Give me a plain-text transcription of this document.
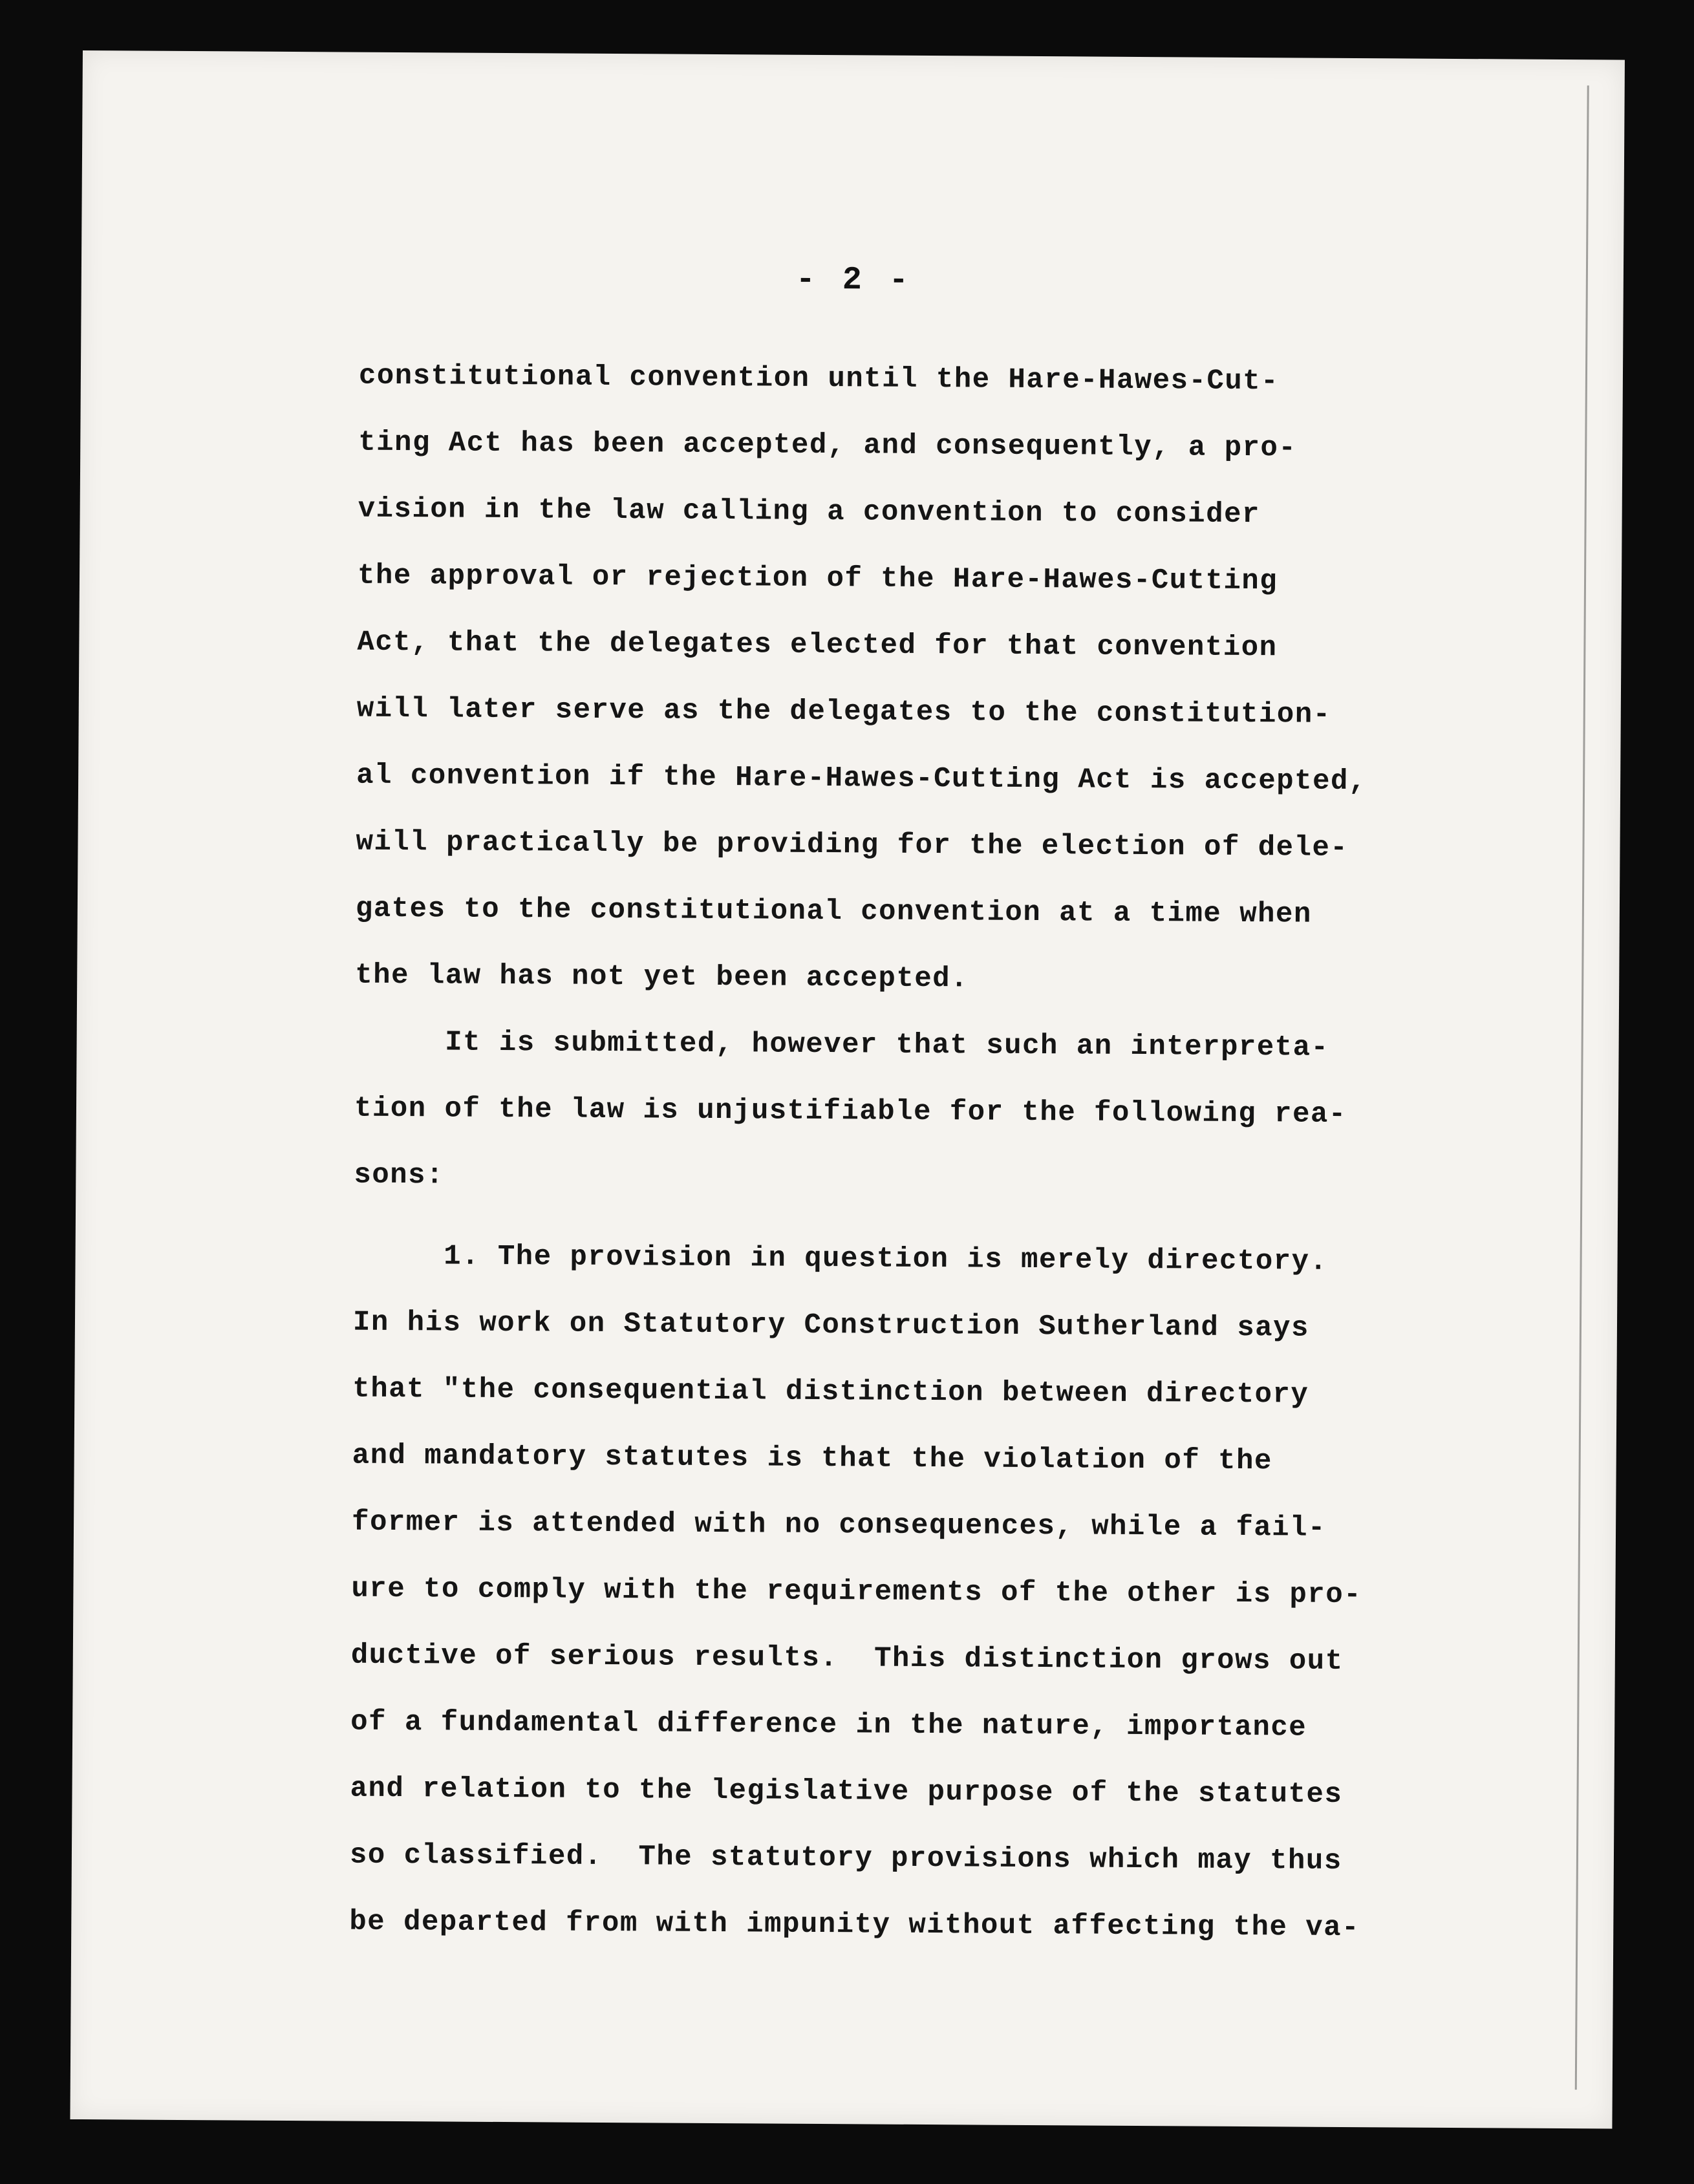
- 2 -
constitutional convention until the Hare-Hawes-Cut-
ting Act has been accepted, and consequently, a pro-
vision in the law calling a convention to consider
the approval or rejection of the Hare-Hawes-Cutting
Act, that the delegates elected for that convention
will later serve as the delegates to the constitution-
al convention if the Hare-Hawes-Cutting Act is accepted,
will practically be providing for the election of dele-
gates to the constitutional convention at a time when
the law has not yet been accepted.
It is submitted, however that such an interpreta-
tion of the law is unjustifiable for the following rea-
sons:
1. The provision in question is merely directory.
In his work on Statutory Construction Sutherland says
that "the consequential distinction between directory
and mandatory statutes is that the violation of the
former is attended with no consequences, while a fail-
ure to comply with the requirements of the other is pro-
ductive of serious results.  This distinction grows out
of a fundamental difference in the nature, importance
and relation to the legislative purpose of the statutes
so classified.  The statutory provisions which may thus
be departed from with impunity without affecting the va-
